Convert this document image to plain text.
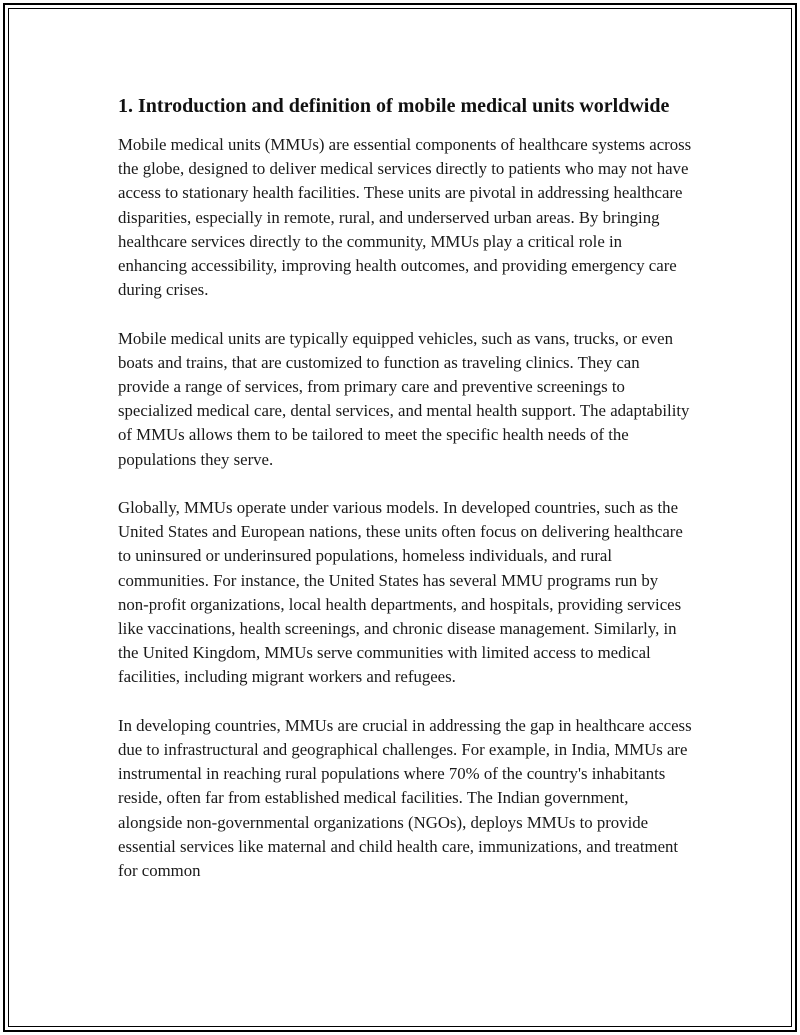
1. Introduction and definition of mobile medical units worldwide

Mobile medical units (MMUs) are essential components of healthcare systems across the globe, designed to deliver medical services directly to patients who may not have access to stationary health facilities. These units are pivotal in addressing healthcare disparities, especially in remote, rural, and underserved urban areas. By bringing healthcare services directly to the community, MMUs play a critical role in enhancing accessibility, improving health outcomes, and providing emergency care during crises.

Mobile medical units are typically equipped vehicles, such as vans, trucks, or even boats and trains, that are customized to function as traveling clinics. They can provide a range of services, from primary care and preventive screenings to specialized medical care, dental services, and mental health support. The adaptability of MMUs allows them to be tailored to meet the specific health needs of the populations they serve.

Globally, MMUs operate under various models. In developed countries, such as the United States and European nations, these units often focus on delivering healthcare to uninsured or underinsured populations, homeless individuals, and rural communities. For instance, the United States has several MMU programs run by non-profit organizations, local health departments, and hospitals, providing services like vaccinations, health screenings, and chronic disease management. Similarly, in the United Kingdom, MMUs serve communities with limited access to medical facilities, including migrant workers and refugees.

In developing countries, MMUs are crucial in addressing the gap in healthcare access due to infrastructural and geographical challenges. For example, in India, MMUs are instrumental in reaching rural populations where 70% of the country's inhabitants reside, often far from established medical facilities. The Indian government, alongside non-governmental organizations (NGOs), deploys MMUs to provide essential services like maternal and child health care, immunizations, and treatment for common
